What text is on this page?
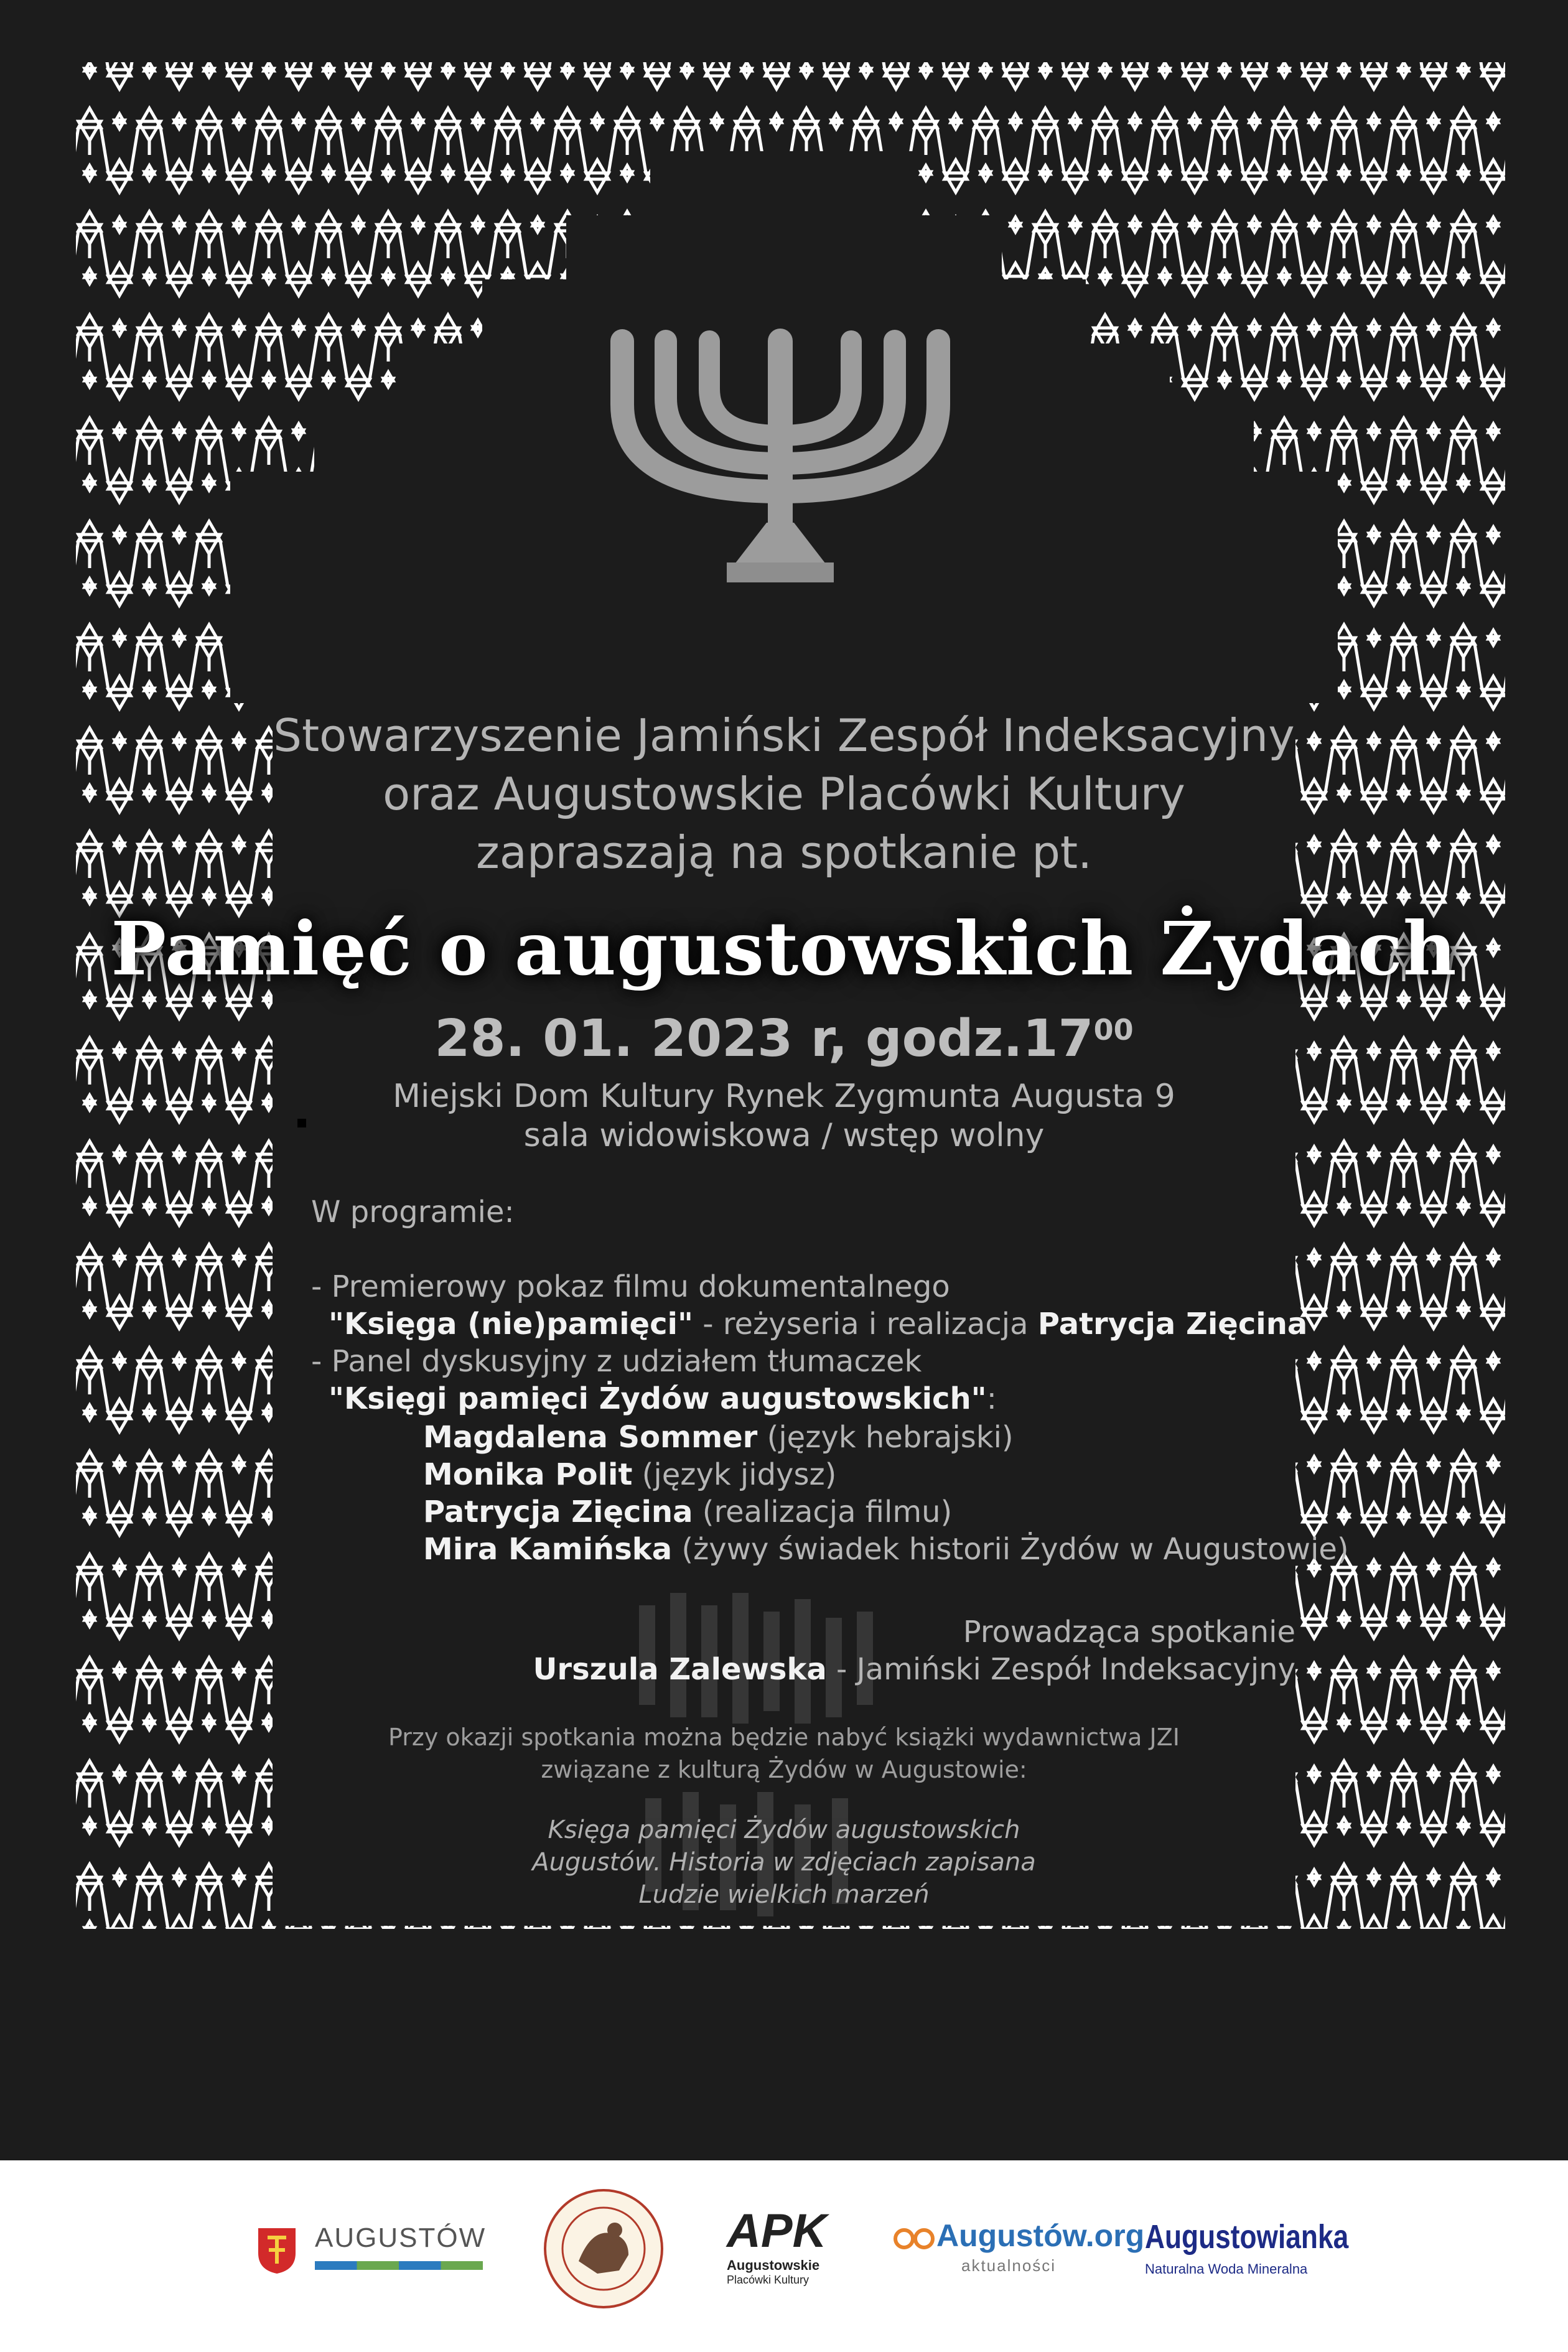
Stowarzyszenie Jamiński Zespół Indeksacyjny
oraz Augustowskie Placówki Kultury
zapraszają na spotkanie pt.
Pamięć o augustowskich Żydach
28. 01. 2023 r, $godz.17^{00}$
Miejski Dom Kultury Rynek Zygmunta Augusta 9
sala widowiskowa / wstęp wolny
W programie:
- Premierowy pokaz filmu dokumentalnego
"Księga (nie)pamięci" - reżyseria i realizacja Patrycja Zięcina
- Panel dyskusyjny z udziałem tłumaczek
"Księgi pamięci Żydów augustowskich":
Magdalena Sommer (język hebrajski)
Monika Polit (język jidysz)
Patrycja Zięcina (realizacja filmu)
Mira Kamińska (żywy świadek historii Żydów w Augustowie)
Prowadząca spotkanie
Urszula Zalewska - Jamiński Zespół Indeksacyjny
Przy okazji spotkania można będzie nabyć książki wydawnictwa JZI
związane z kulturą Żydów w Augustowie:
Księga pamięci Żydów augustowskich
Augustów. Historia w zdjęciach zapisana
Ludzie wielkich marzeń
AUGUSTÓW	APK
Augustowskie
Placówki Kultury
Augustów.org
aktualności
Augustowianka
Naturalna Woda Mineralna
